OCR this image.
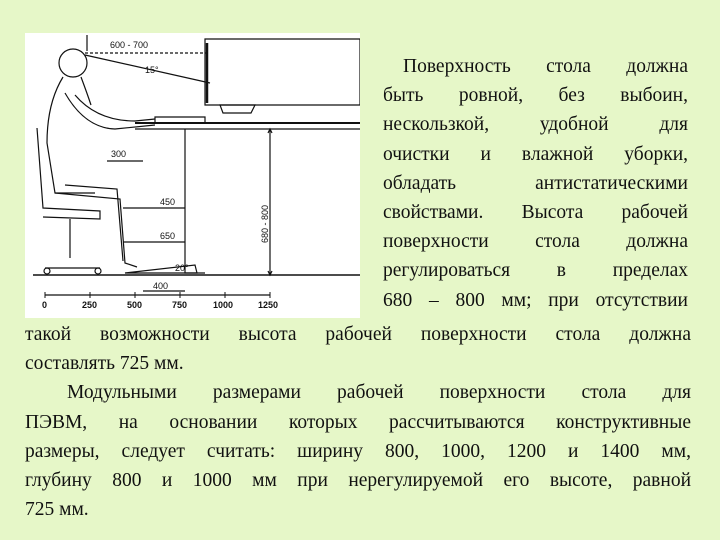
600 - 700
15°
300
450
650
400
20°
680 - 800
0	250	500	750	1000	1250
Поверхность стола должна
быть ровной, без выбоин,
нескользкой, удобной для
очистки и влажной уборки,
обладать антистатическими
свойствами. Высота рабочей
поверхности стола должна
регулироваться в пределах
680 – 800 мм; при отсутствии
такой возможности высота рабочей поверхности стола должна
составлять 725 мм.
Модульными размерами рабочей поверхности стола для
ПЭВМ, на основании которых рассчитываются конструктивные
размеры, следует считать: ширину 800, 1000, 1200 и 1400 мм,
глубину 800 и 1000 мм при нерегулируемой его высоте, равной
725 мм.
